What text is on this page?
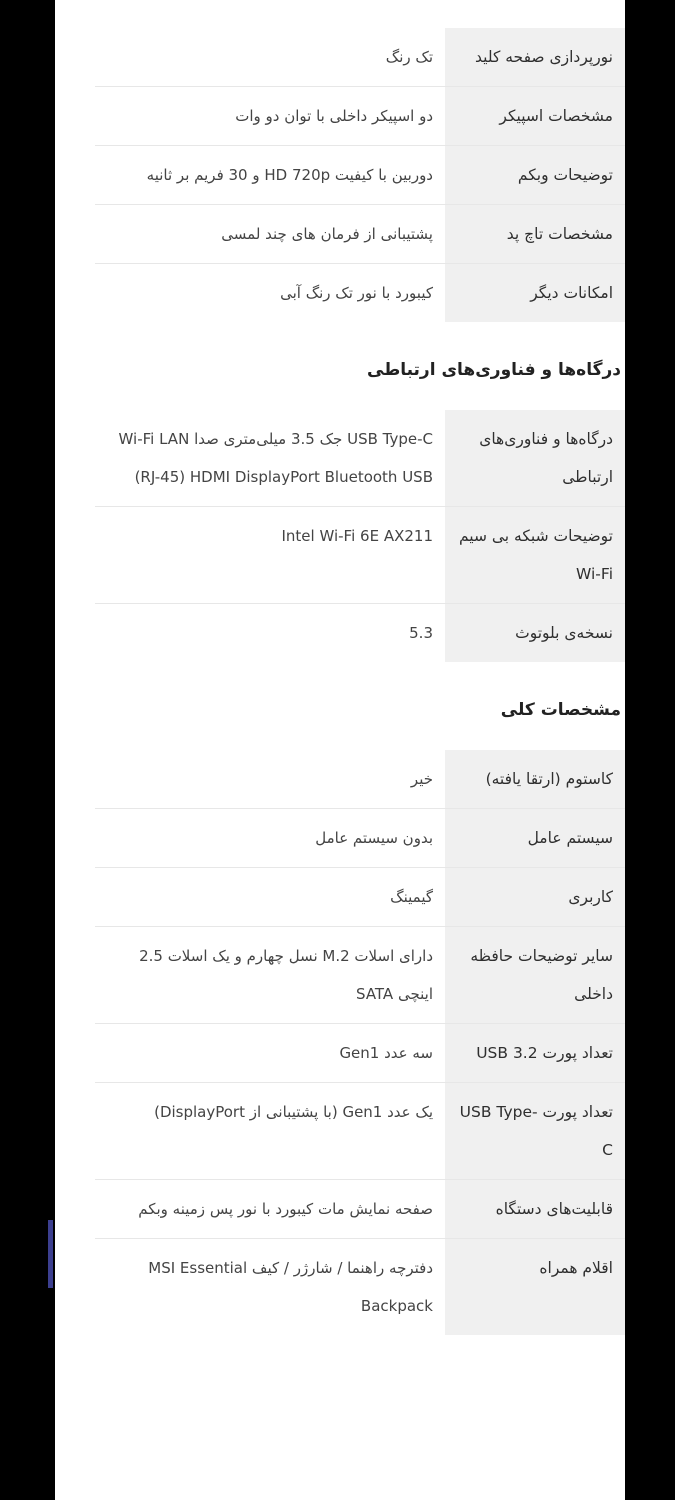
نورپردازی صفحه کلید
تک رنگ
مشخصات اسپیکر
دو اسپیکر داخلی با توان دو وات
توضیحات وبکم
دوربین با کیفیت HD 720p و 30 فریم بر ثانیه
مشخصات تاچ پد
پشتیبانی از فرمان های چند لمسی
امکانات دیگر
کیبورد با نور تک رنگ آبی
درگاه‌ها و فناوری‌های ارتباطی
درگاه‌ها و فناوری‌های ارتباطی
USB Type-C جک 3.5 میلی‌متری صدا Wi-Fi LAN (RJ-45) HDMI DisplayPort Bluetooth USB
توضیحات شبکه بی سیم Wi-Fi
Intel Wi-Fi 6E AX211
نسخه‌ی بلوتوث
5.3
مشخصات کلی
کاستوم (ارتقا یافته)
خیر
سیستم عامل
بدون سیستم عامل
کاربری
گیمینگ
سایر توضیحات حافظه داخلی
دارای اسلات M.2 نسل چهارم و یک اسلات 2.5 اینچی SATA
تعداد پورت USB 3.2
سه عدد Gen1
تعداد پورت USB Type-C
یک عدد Gen1 (با پشتیبانی از DisplayPort)
قابلیت‌های دستگاه
صفحه نمایش مات کیبورد با نور پس زمینه وبکم
اقلام همراه
دفترچه راهنما / شارژر / کیف MSI Essential Backpack
